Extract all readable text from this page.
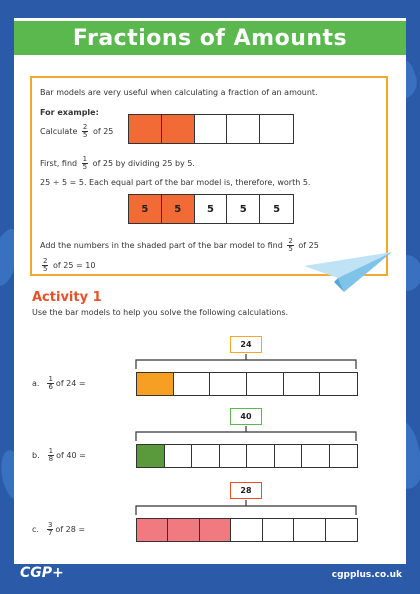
Fractions of Amounts
Bar models are very useful when calculating a fraction of an amount.
For example:
Calculate $\frac{2}{5}$ of 25
First, find $\frac{1}{5}$ of 25 by dividing 25 by 5.
25 ÷ 5 = 5. Each equal part of the bar model is, therefore, worth 5.
5	5	5	5	5
Add the numbers in the shaded part of the bar model to find $\frac{2}{5}$ of 25
$\frac{2}{5}$ of 25 = 10
Activity 1
Use the bar models to help you solve the following calculations.
24
a. $\frac{1}{6}$ of 24 =
40
b. $\frac{1}{8}$ of 40 =
28
c. $\frac{3}{7}$ of 28 =
CGP+	cgpplus.co.uk
